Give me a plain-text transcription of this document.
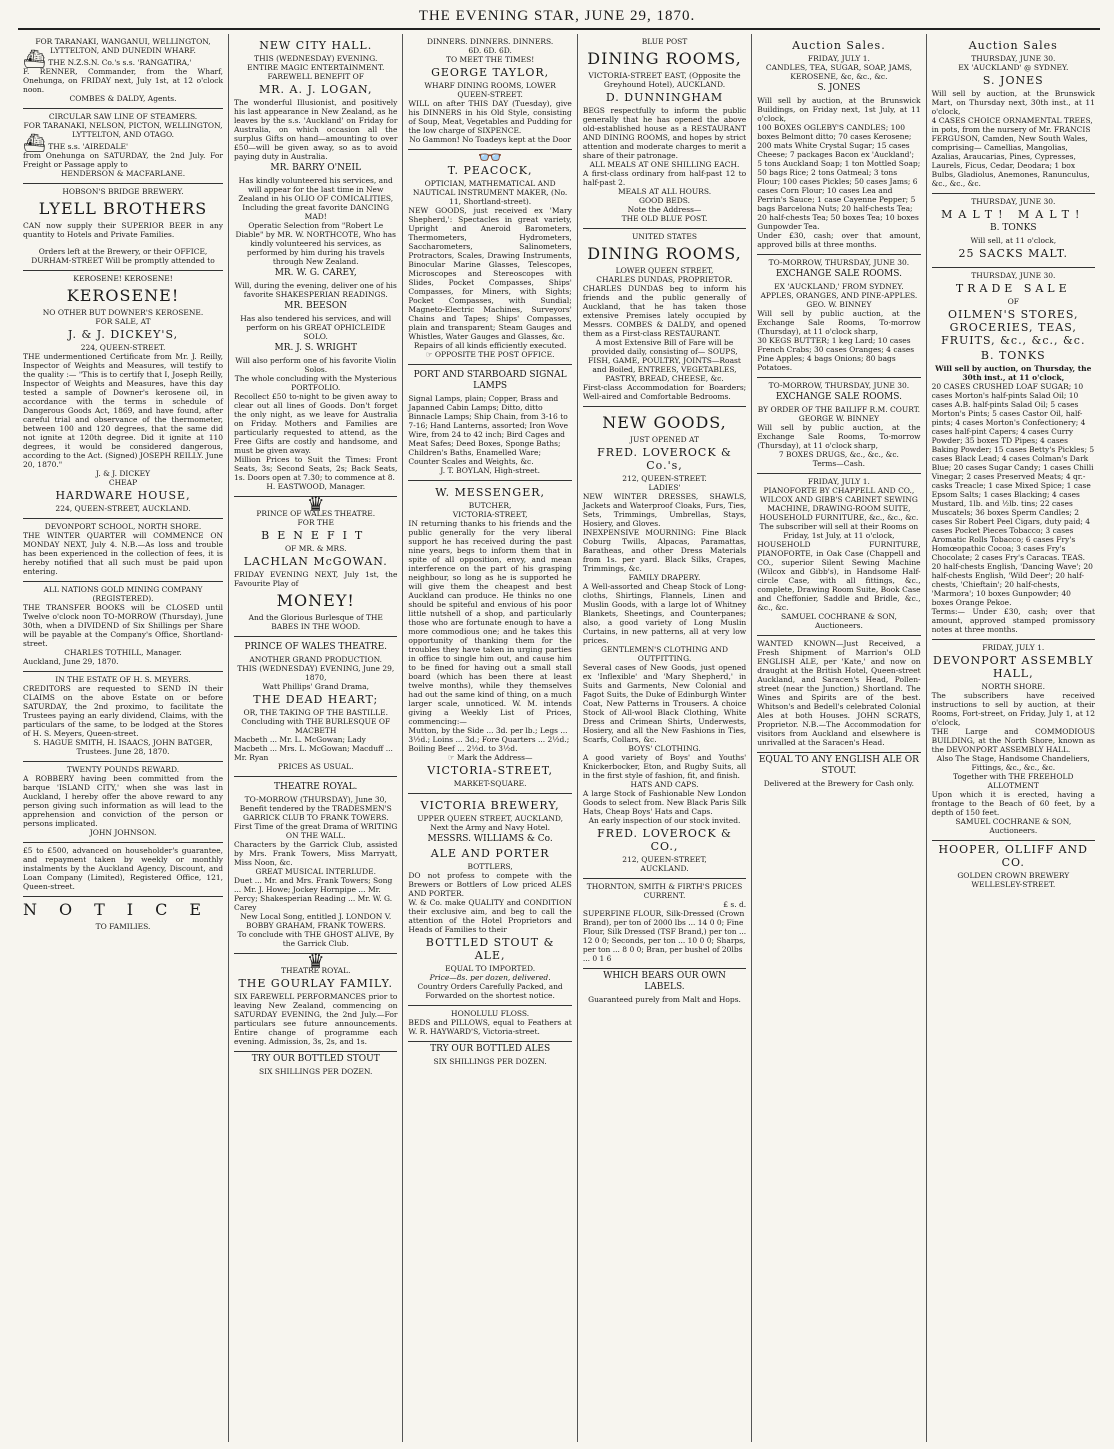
THE EVENING STAR, JUNE 29, 1870.
FOR TARANAKI, WANGANUI, WELLINGTON, LYTTELTON, AND DUNEDIN WHARF.
⛴ THE N.Z.S.N. Co.'s s.s. 'RANGATIRA,'
F. RENNER, Commander, from the Wharf, Onehunga, on FRIDAY next, July 1st, at 12 o'clock noon.
COMBES & DALDY, Agents.
CIRCULAR SAW LINE OF STEAMERS.
FOR TARANAKI, NELSON, PICTON, WELLINGTON, LYTTELTON, AND OTAGO.
⛴ THE s.s. 'AIREDALE'
from Onehunga on SATURDAY, the 2nd July. For Freight or Passage apply to
HENDERSON & MACFARLANE.
HOBSON'S BRIDGE BREWERY.
LYELL BROTHERS
CAN now supply their SUPERIOR BEER in any quantity to Hotels and Private Families.
Orders left at the Brewery, or their OFFICE, DURHAM-STREET Will be promptly attended to
KEROSENE! KEROSENE!
KEROSENE!
NO OTHER BUT DOWNER'S KEROSENE.
FOR SALE, AT
J. & J. DICKEY'S,
224, QUEEN-STREET.
THE undermentioned Certificate from Mr. J. Reilly, Inspector of Weights and Measures, will testify to the quality :— "This is to certify that I, Joseph Reilly, Inspector of Weights and Measures, have this day tested a sample of Downer's kerosene oil, in accordance with the terms in schedule of Dangerous Goods Act, 1869, and have found, after careful trial and observance of the thermometer, between 100 and 120 degrees, that the same did not ignite at 120th degree. Did it ignite at 110 degrees, it would be considered dangerous, according to the Act. (Signed) JOSEPH REILLY. June 20, 1870."
J. & J. DICKEY
CHEAP
HARDWARE HOUSE,
224, QUEEN-STREET, AUCKLAND.
DEVONPORT SCHOOL, NORTH SHORE.
THE WINTER QUARTER will COMMENCE ON MONDAY NEXT, July 4. N.B.—As loss and trouble has been experienced in the collection of fees, it is hereby notified that all such must be paid upon entering.
ALL NATIONS GOLD MINING COMPANY (REGISTERED).
THE TRANSFER BOOKS will be CLOSED until Twelve o'clock noon TO-MORROW (Thursday), June 30th, when a DIVIDEND of Six Shillings per Share will be payable at the Company's Office, Shortland-street.
CHARLES TOTHILL, Manager.
Auckland, June 29, 1870.
IN THE ESTATE OF H. S. MEYERS.
CREDITORS are requested to SEND IN their CLAIMS on the above Estate on or before SATURDAY, the 2nd proximo, to facilitate the Trustees paying an early dividend, Claims, with the particulars of the same, to be lodged at the Stores of H. S. Meyers, Queen-street.
S. HAGUE SMITH, H. ISAACS, JOHN BATGER, Trustees. June 28, 1870.
TWENTY POUNDS REWARD.
A ROBBERY having been committed from the barque 'ISLAND CITY,' when she was last in Auckland, I hereby offer the above reward to any person giving such information as will lead to the apprehension and conviction of the person or persons implicated.
JOHN JOHNSON.
£5 to £500, advanced on householder's guarantee, and repayment taken by weekly or monthly instalments by the Auckland Agency, Discount, and Loan Company (Limited), Registered Office, 121, Queen-street.
NOTICE
TO FAMILIES.
NEW CITY HALL.
THIS (WEDNESDAY) EVENING.
ENTIRE MAGIC ENTERTAINMENT.
FAREWELL BENEFIT OF
MR. A. J. LOGAN,
The wonderful Illusionist, and positively his last appearance in New Zealand, as he leaves by the s.s. 'Auckland' on Friday for Australia, on which occasion all the surplus Gifts on hand—amounting to over £50—will be given away, so as to avoid paying duty in Australia.
MR. BARRY O'NEIL
Has kindly volunteered his services, and will appear for the last time in New Zealand in his OLIO OF COMICALITIES, Including the great favorite DANCING MAD!
Operatic Selection from "Robert Le Diable" by MR. W. NORTHCOTE, Who has kindly volunteered his services, as performed by him during his travels through New Zealand.
MR. W. G. CAREY,
Will, during the evening, deliver one of his favorite SHAKESPERIAN READINGS.
MR. BEESON
Has also tendered his services, and will perform on his GREAT OPHICLEIDE SOLO.
MR. J. S. WRIGHT
Will also perform one of his favorite Violin Solos.
The whole concluding with the Mysterious PORTFOLIO.
Recollect £50 to-night to be given away to clear out all lines of Goods. Don't forget the only night, as we leave for Australia on Friday. Mothers and Families are particularly requested to attend, as the Free Gifts are costly and handsome, and must be given away.
Million Prices to Suit the Times: Front Seats, 3s; Second Seats, 2s; Back Seats, 1s. Doors open at 7.30; to commence at 8.
H. EASTWOOD, Manager.
♛
PRINCE OF WALES THEATRE.
FOR THE
BENEFIT
OF MR. & MRS.
LACHLAN McGOWAN.
FRIDAY EVENING NEXT, July 1st, the Favourite Play of
MONEY!
And the Glorious Burlesque of THE BABES IN THE WOOD.
PRINCE OF WALES THEATRE.
ANOTHER GRAND PRODUCTION.
THIS (WEDNESDAY) EVENING, June 29, 1870,
Watt Phillips' Grand Drama,
THE DEAD HEART;
OR, THE TAKING OF THE BASTILLE.
Concluding with THE BURLESQUE OF MACBETH
Macbeth ... Mr. L. McGowan; Lady Macbeth ... Mrs. L. McGowan; Macduff ... Mr. Ryan
PRICES AS USUAL.
THEATRE ROYAL.
TO-MORROW (THURSDAY), June 30,
Benefit tendered by the TRADESMEN'S GARRICK CLUB TO FRANK TOWERS.
First Time of the great Drama of WRITING ON THE WALL.
Characters by the Garrick Club, assisted by Mrs. Frank Towers, Miss Marryatt, Miss Noon, &c.
GREAT MUSICAL INTERLUDE.
Duet ... Mr. and Mrs. Frank Towers; Song ... Mr. J. Howe; Jockey Hornpipe ... Mr. Percy; Shakesperian Reading ... Mr. W. G. Carey
New Local Song, entitled J. LONDON V. BOBBY GRAHAM, FRANK TOWERS.
To conclude with THE GHOST ALIVE, By the Garrick Club.
♛
THEATRE ROYAL.
THE GOURLAY FAMILY.
SIX FAREWELL PERFORMANCES prior to leaving New Zealand, commencing on SATURDAY EVENING, the 2nd July.—For particulars see future announcements. Entire change of programme each evening. Admission, 3s, 2s, and 1s.
TRY OUR BOTTLED STOUT
SIX SHILLINGS PER DOZEN.
DINNERS. DINNERS. DINNERS.
6D. 6D. 6D.
TO MEET THE TIMES!
GEORGE TAYLOR,
WHARF DINING ROOMS, LOWER QUEEN-STREET.
WILL on after THIS DAY (Tuesday), give his DINNERS in his Old Style, consisting of Soup, Meat, Vegetables and Pudding for the low charge of SIXPENCE.
No Gammon! No Toadeys kept at the Door
👓
T. PEACOCK,
OPTICIAN, MATHEMATICAL AND NAUTICAL INSTRUMENT MAKER, (No. 11, Shortland-street).
NEW GOODS, just received ex 'Mary Shepherd,': Spectacles in great variety, Upright and Aneroid Barometers, Thermometers, Hydrometers, Saccharometers, Salinometers, Protractors, Scales, Drawing Instruments, Binocular Marine Glasses, Telescopes, Microscopes and Stereoscopes with Slides, Pocket Compasses, Ships' Compasses, for Miners, with Sights; Pocket Compasses, with Sundial; Magneto-Electric Machines, Surveyors' Chains and Tapes; Ships' Compasses, plain and transparent; Steam Gauges and Whistles, Water Gauges and Glasses, &c.
Repairs of all kinds efficiently executed.
☞ OPPOSITE THE POST OFFICE.
PORT AND STARBOARD SIGNAL LAMPS
Signal Lamps, plain; Copper, Brass and Japanned Cabin Lamps; Ditto, ditto Binnacle Lamps; Ship Chain, from 3-16 to 7-16; Hand Lanterns, assorted; Iron Wove Wire, from 24 to 42 inch; Bird Cages and Meat Safes; Deed Boxes, Sponge Baths; Children's Baths, Enamelled Ware; Counter Scales and Weights, &c.
J. T. BOYLAN, High-street.
W. MESSENGER,
BUTCHER,
VICTORIA-STREET,
IN returning thanks to his friends and the public generally for the very liberal support he has received during the past nine years, begs to inform them that in spite of all opposition, envy, and mean interference on the part of his grasping neighbour, so long as he is supported he will give them the cheapest and best Auckland can produce. He thinks no one should be spiteful and envious of his poor little nutshell of a shop, and particularly those who are fortunate enough to have a more commodious one; and he takes this opportunity of thanking them for the troubles they have taken in urging parties in office to single him out, and cause him to be fined for having out a small stall board (which has been there at least twelve months), while they themselves had out the same kind of thing, on a much larger scale, unnoticed. W. M. intends giving a Weekly List of Prices, commencing:—
Mutton, by the Side ... 3d. per lb.; Legs ... 3½d.; Loins ... 3d.; Fore Quarters ... 2½d.; Boiling Beef ... 2½d. to 3½d.
☞ Mark the Address—
VICTORIA-STREET,
MARKET-SQUARE.
VICTORIA BREWERY,
UPPER QUEEN STREET, AUCKLAND,
Next the Army and Navy Hotel.
MESSRS. WILLIAMS & Co.
ALE AND PORTER
BOTTLERS,
DO not profess to compete with the Brewers or Bottlers of Low priced ALES AND PORTER.
W. & Co. make QUALITY and CONDITION their exclusive aim, and beg to call the attention of the Hotel Proprietors and Heads of Families to their
BOTTLED STOUT & ALE,
EQUAL TO IMPORTED.
Price—8s. per dozen, delivered.
Country Orders Carefully Packed, and Forwarded on the shortest notice.
HONOLULU FLOSS.
BEDS and PILLOWS, equal to Feathers at W. R. HAYWARD'S, Victoria-street.
TRY OUR BOTTLED ALES
SIX SHILLINGS PER DOZEN.
BLUE POST
DINING ROOMS,
VICTORIA-STREET EAST, (Opposite the Greyhound Hotel), AUCKLAND.
D. DUNNINGHAM
BEGS respectfully to inform the public generally that he has opened the above old-established house as a RESTAURANT AND DINING ROOMS, and hopes by strict attention and moderate charges to merit a share of their patronage.
ALL MEALS AT ONE SHILLING EACH.
A first-class ordinary from half-past 12 to half-past 2.
MEALS AT ALL HOURS.
GOOD BEDS.
Note the Address—
THE OLD BLUE POST.
UNITED STATES
DINING ROOMS,
LOWER QUEEN STREET,
CHARLES DUNDAS, PROPRIETOR.
CHARLES DUNDAS beg to inform his friends and the public generally of Auckland, that he has taken those extensive Premises lately occupied by Messrs. COMBES & DALDY, and opened them as a First-class RESTAURANT.
A most Extensive Bill of Fare will be provided daily, consisting of— SOUPS, FISH, GAME, POULTRY, JOINTS—Roast and Boiled, ENTREES, VEGETABLES, PASTRY, BREAD, CHEESE, &c.
First-class Accommodation for Boarders; Well-aired and Comfortable Bedrooms.
NEW GOODS,
JUST OPENED AT
FRED. LOVEROCK & Co.'s,
212, QUEEN-STREET.
LADIES'
NEW WINTER DRESSES, SHAWLS, Jackets and Waterproof Cloaks, Furs, Ties, Sets, Trimmings, Umbrellas, Stays, Hosiery, and Gloves.
INEXPENSIVE MOURNING: Fine Black Coburg Twills, Alpacas, Paramattas, Baratheas, and other Dress Materials from 1s. per yard. Black Silks, Crapes, Trimmings, &c.
FAMILY DRAPERY.
A Well-assorted and Cheap Stock of Long-cloths, Shirtings, Flannels, Linen and Muslin Goods, with a large lot of Whitney Blankets, Sheetings, and Counterpanes; also, a good variety of Long Muslin Curtains, in new patterns, all at very low prices.
GENTLEMEN'S CLOTHING AND OUTFITTING.
Several cases of New Goods, just opened ex 'Inflexible' and 'Mary Shepherd,' in Suits and Garments, New Colonial and Fagot Suits, the Duke of Edinburgh Winter Coat, New Patterns in Trousers. A choice Stock of All-wool Black Clothing, White Dress and Crimean Shirts, Underwests, Hosiery, and all the New Fashions in Ties, Scarfs, Collars, &c.
BOYS' CLOTHING.
A good variety of Boys' and Youths' Knickerbocker, Eton, and Rugby Suits, all in the first style of fashion, fit, and finish.
HATS AND CAPS.
A large Stock of Fashionable New London Goods to select from. New Black Paris Silk Hats, Cheap Boys' Hats and Caps.
An early inspection of our stock invited.
FRED. LOVEROCK & CO.,
212, QUEEN-STREET,
AUCKLAND.
THORNTON, SMITH & FIRTH'S PRICES CURRENT.
£ s. d.
SUPERFINE FLOUR, Silk-Dressed (Crown Brand), per ton of 2000 lbs ... 14 0 0; Fine Flour, Silk Dressed (TSF Brand,) per ton ... 12 0 0; Seconds, per ton ... 10 0 0; Sharps, per ton ... 8 0 0; Bran, per bushel of 20lbs ... 0 1 6
WHICH BEARS OUR OWN LABELS.
Guaranteed purely from Malt and Hops.
Auction Sales.
FRIDAY, JULY 1.
CANDLES, TEA, SUGAR, SOAP, JAMS, KEROSENE, &c, &c., &c.
S. JONES
Will sell by auction, at the Brunswick Buildings, on Friday next, 1st July, at 11 o'clock,
100 BOXES OGLEBY'S CANDLES; 100 boxes Belmont ditto; 70 cases Kerosene; 200 mats White Crystal Sugar; 15 cases Cheese; 7 packages Bacon ex 'Auckland'; 5 tons Auckland Soap; 1 ton Mottled Soap; 50 bags Rice; 2 tons Oatmeal; 3 tons Flour; 100 cases Pickles; 50 cases Jams; 6 cases Corn Flour; 10 cases Lea and Perrin's Sauce; 1 case Cayenne Pepper; 5 bags Barcelona Nuts; 20 half-chests Tea; 20 half-chests Tea; 50 boxes Tea; 10 boxes Gunpowder Tea.
Under £30, cash; over that amount, approved bills at three months.
TO-MORROW, THURSDAY, JUNE 30.
EXCHANGE SALE ROOMS.
EX 'AUCKLAND,' FROM SYDNEY.
APPLES, ORANGES, AND PINE-APPLES.
GEO. W. BINNEY
Will sell by public auction, at the Exchange Sale Rooms, To-morrow (Thursday), at 11 o'clock sharp,
30 KEGS BUTTER; 1 keg Lard; 10 cases French Crabs; 30 cases Oranges; 4 cases Pine Apples; 4 bags Onions; 80 bags Potatoes.
TO-MORROW, THURSDAY, JUNE 30.
EXCHANGE SALE ROOMS.
BY ORDER OF THE BAILIFF R.M. COURT.
GEORGE W. BINNEY
Will sell by public auction, at the Exchange Sale Rooms, To-morrow (Thursday), at 11 o'clock sharp,
7 BOXES DRUGS, &c., &c., &c.
Terms—Cash.
FRIDAY, JULY 1.
PIANOFORTE BY CHAPPELL AND CO., WILCOX AND GIBB'S CABINET SEWING MACHINE, DRAWING-ROOM SUITE, HOUSEHOLD FURNITURE, &c., &c., &c.
The subscriber will sell at their Rooms on Friday, 1st July, at 11 o'clock,
HOUSEHOLD FURNITURE, PIANOFORTE, in Oak Case (Chappell and CO., superior Silent Sewing Machine (Wilcox and Gibb's), in Handsome Half-circle Case, with all fittings, &c., complete, Drawing Room Suite, Book Case and Cheffonier, Saddle and Bridle, &c., &c., &c.
SAMUEL COCHRANE & SON, Auctioneers.
WANTED KNOWN—Just Received, a Fresh Shipment of Marrion's OLD ENGLISH ALE, per 'Kate,' and now on draught at the British Hotel, Queen-street Auckland, and Saracen's Head, Pollen-street (near the Junction,) Shortland. The Wines and Spirits are of the best. Whitson's and Bedell's celebrated Colonial Ales at both Houses. JOHN SCRATS, Proprietor. N.B.—The Accommodation for visitors from Auckland and elsewhere is unrivalled at the Saracen's Head.
EQUAL TO ANY ENGLISH ALE OR STOUT.
Delivered at the Brewery for Cash only.
Auction Sales
THURSDAY, JUNE 30.
EX 'AUCKLAND' @ SYDNEY.
S. JONES
Will sell by auction, at the Brunswick Mart, on Thursday next, 30th inst., at 11 o'clock,
4 CASES CHOICE ORNAMENTAL TREES, in pots, from the nursery of Mr. FRANCIS FERGUSON, Camden, New South Wales, comprising— Camellias, Mangolias, Azalias, Araucarias, Pines, Cypresses, Laurels, Ficus, Cedar, Deodara; 1 box Bulbs, Gladiolus, Anemones, Ranunculus, &c., &c., &c.
THURSDAY, JUNE 30.
MALT! MALT!
B. TONKS
Will sell, at 11 o'clock,
25 SACKS MALT.
THURSDAY, JUNE 30.
TRADE SALE
OF
OILMEN'S STORES, GROCERIES, TEAS, FRUITS, &c., &c., &c.
B. TONKS
Will sell by auction, on Thursday, the 30th inst., at 11 o'clock,
20 CASES CRUSHED LOAF SUGAR; 10 cases Morton's half-pints Salad Oil; 10 cases A.B. half-pints Salad Oil; 5 cases Morton's Pints; 5 cases Castor Oil, half-pints; 4 cases Morton's Confectionery; 4 cases half-pint Capers; 4 cases Curry Powder; 35 boxes TD Pipes; 4 cases Baking Powder; 15 cases Betty's Pickles; 5 cases Black Lead; 4 cases Colman's Dark Blue; 20 cases Sugar Candy; 1 cases Chilli Vinegar; 2 cases Preserved Meats; 4 qr.-casks Treacle; 1 case Mixed Spice; 1 case Epsom Salts; 1 cases Blacking; 4 cases Mustard, 1lb. and ½lb. tins; 22 cases Muscatels; 36 boxes Sperm Candles; 2 cases Sir Robert Peel Cigars, duty paid; 4 cases Pocket Pieces Tobacco; 3 cases Aromatic Rolls Tobacco; 6 cases Fry's Homœopathic Cocoa; 3 cases Fry's Chocolate; 2 cases Fry's Caracas. TEAS. 20 half-chests English, 'Dancing Wave'; 20 half-chests English, 'Wild Deer'; 20 half-chests, 'Chieftain'; 20 half-chests, 'Marmora'; 10 boxes Gunpowder; 40 boxes Orange Pekoe.
Terms:— Under £30, cash; over that amount, approved stamped promissory notes at three months.
FRIDAY, JULY 1.
DEVONPORT ASSEMBLY HALL,
NORTH SHORE.
The subscribers have received instructions to sell by auction, at their Rooms, Fort-street, on Friday, July 1, at 12 o'clock,
THE Large and COMMODIOUS BUILDING, at the North Shore, known as the DEVONPORT ASSEMBLY HALL.
Also The Stage, Handsome Chandeliers, Fittings, &c., &c., &c.
Together with THE FREEHOLD ALLOTMENT
Upon which it is erected, having a frontage to the Beach of 60 feet, by a depth of 150 feet.
SAMUEL COCHRANE & SON, Auctioneers.
HOOPER, OLLIFF AND CO.
GOLDEN CROWN BREWERY
WELLESLEY-STREET.
